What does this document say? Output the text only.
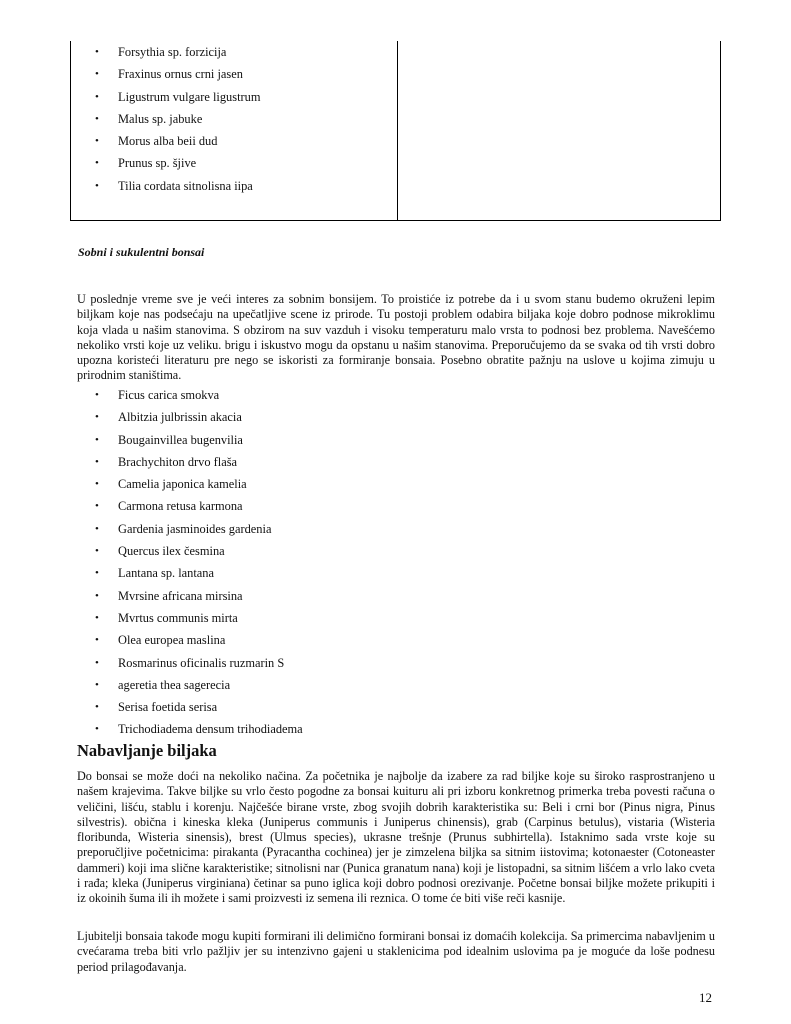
• Forsythia sp. forzicija
• Fraxinus ornus crni jasen
• Ligustrum vulgare ligustrum
• Malus sp. jabuke
• Morus alba beii dud
• Prunus sp. šjive
• Tilia cordata sitnolisna iipa
Sobni i sukulentni bonsai

U poslednje vreme sve je veći interes za sobnim bonsijem. To proistiće iz potrebe da i u svom stanu budemo okruženi lepim biljkam koje nas podsećaju na upečatljive scene iz prirode. Tu postoji problem odabira biljaka koje dobro podnose mikroklimu koja vlada u našim stanovima. S obzirom na suv vazduh i visoku temperaturu malo vrsta to podnosi bez problema. Navešćemo nekoliko vrsti koje uz veliku. brigu i iskustvo mogu da opstanu u našim stanovima. Preporučujemo da se svaka od tih vrsti dobro upozna koristeći literaturu pre nego se iskoristi za formiranje bonsaia. Posebno obratite pažnju na uslove u kojima zimuju u prirodnim staništima.

• Ficus carica smokva
• Albitzia julbrissin akacia
• Bougainvillea bugenvilia
• Brachychiton drvo flaša
• Camelia japonica kamelia
• Carmona retusa karmona
• Gardenia jasminoides gardenia
• Quercus ilex česmina
• Lantana sp. lantana
• Mvrsine africana mirsina
• Mvrtus communis mirta
• Olea europea maslina
• Rosmarinus oficinalis ruzmarin S
• ageretia thea sagerecia
• Serisa foetida serisa
• Trichodiadema densum trihodiadema
Nabavljanje biljaka

Do bonsai se može doći na nekoliko načina. Za početnika je najbolje da izabere za rad biljke koje su široko rasprostranjeno u našem krajevima. Takve biljke su vrlo često pogodne za bonsai kuituru ali pri izboru konkretnog primerka treba povesti računa o veličini, lišću, stablu i korenju. Najčešće birane vrste, zbog svojih dobrih karakteristika su: Beli i crni bor (Pinus nigra, Pinus silvestris). obična i kineska kleka (Juniperus communis i Juniperus chinensis), grab (Carpinus betulus), vistaria (Wisteria floribunda, Wisteria sinensis), brest (Ulmus species), ukrasne trešnje (Prunus subhirtella). Istaknimo sada vrste koje su preporučljive početnicima: pirakanta (Pyracantha cochinea) jer je zimzelena biljka sa sitnim iistovima; kotonaester (Cotoneaster dammeri) koji ima slične karakteristike; sitnolisni nar (Punica granatum nana) koji je listopadni, sa sitnim lišćem a vrlo lako cveta i rađa; kleka (Juniperus virginiana) četinar sa puno iglica koji dobro podnosi orezivanje. Početne bonsai biljke možete prikupiti i iz okoinih šuma ili ih možete i sami proizvesti iz semena ili reznica. O tome će biti više reči kasnije.

Ljubitelji bonsaia takođe mogu kupiti formirani ili delimično formirani bonsai iz domaćih kolekcija. Sa primercima nabavljenim u cvećarama treba biti vrlo pažljiv jer su intenzivno gajeni u staklenicima pod idealnim uslovima pa je moguće da loše podnesu period prilagođavanja.

12
